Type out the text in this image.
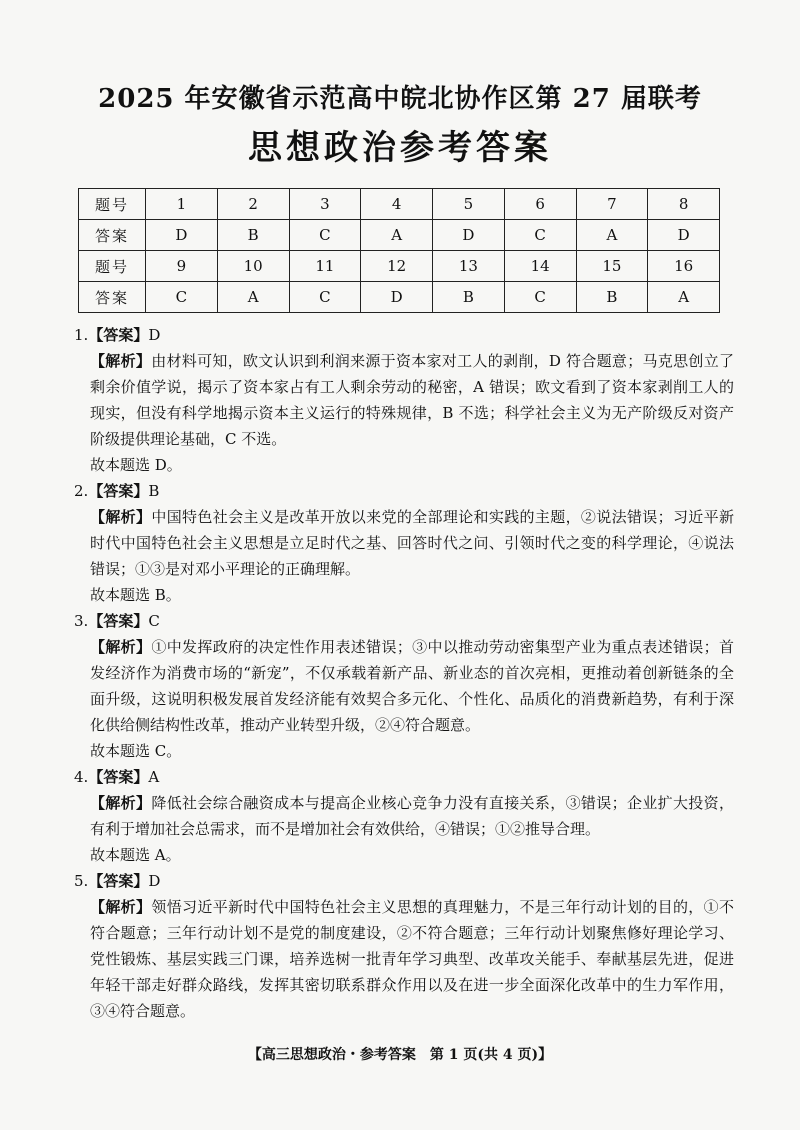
2025 年安徽省示范高中皖北协作区第 27 届联考
思想政治参考答案
题号	1	2	3	4	5	6	7	8
答案	D	B	C	A	D	C	A	D
题号	9	10	11	12	13	14	15	16
答案	C	A	C	D	B	C	B	A

1.【答案】D

【解析】由材料可知，欧文认识到利润来源于资本家对工人的剥削，D 符合题意；马克思创立了剩余价值学说，揭示了资本家占有工人剩余劳动的秘密，A 错误；欧文看到了资本家剥削工人的现实，但没有科学地揭示资本主义运行的特殊规律，B 不选；科学社会主义为无产阶级反对资产阶级提供理论基础，C 不选。

故本题选 D。

2.【答案】B

【解析】中国特色社会主义是改革开放以来党的全部理论和实践的主题，②说法错误；习近平新时代中国特色社会主义思想是立足时代之基、回答时代之问、引领时代之变的科学理论，④说法错误；①③是对邓小平理论的正确理解。

故本题选 B。

3.【答案】C

【解析】①中发挥政府的决定性作用表述错误；③中以推动劳动密集型产业为重点表述错误；首发经济作为消费市场的“新宠”，不仅承载着新产品、新业态的首次亮相，更推动着创新链条的全面升级，这说明积极发展首发经济能有效契合多元化、个性化、品质化的消费新趋势，有利于深化供给侧结构性改革，推动产业转型升级，②④符合题意。

故本题选 C。

4.【答案】A

【解析】降低社会综合融资成本与提高企业核心竞争力没有直接关系，③错误；企业扩大投资，有利于增加社会总需求，而不是增加社会有效供给，④错误；①②推导合理。

故本题选 A。

5.【答案】D

【解析】领悟习近平新时代中国特色社会主义思想的真理魅力，不是三年行动计划的目的，①不符合题意；三年行动计划不是党的制度建设，②不符合题意；三年行动计划聚焦修好理论学习、党性锻炼、基层实践三门课，培养选树一批青年学习典型、改革攻关能手、奉献基层先进，促进年轻干部走好群众路线，发挥其密切联系群众作用以及在进一步全面深化改革中的生力军作用，③④符合题意。

【高三思想政治・参考答案　第 1 页(共 4 页)】
